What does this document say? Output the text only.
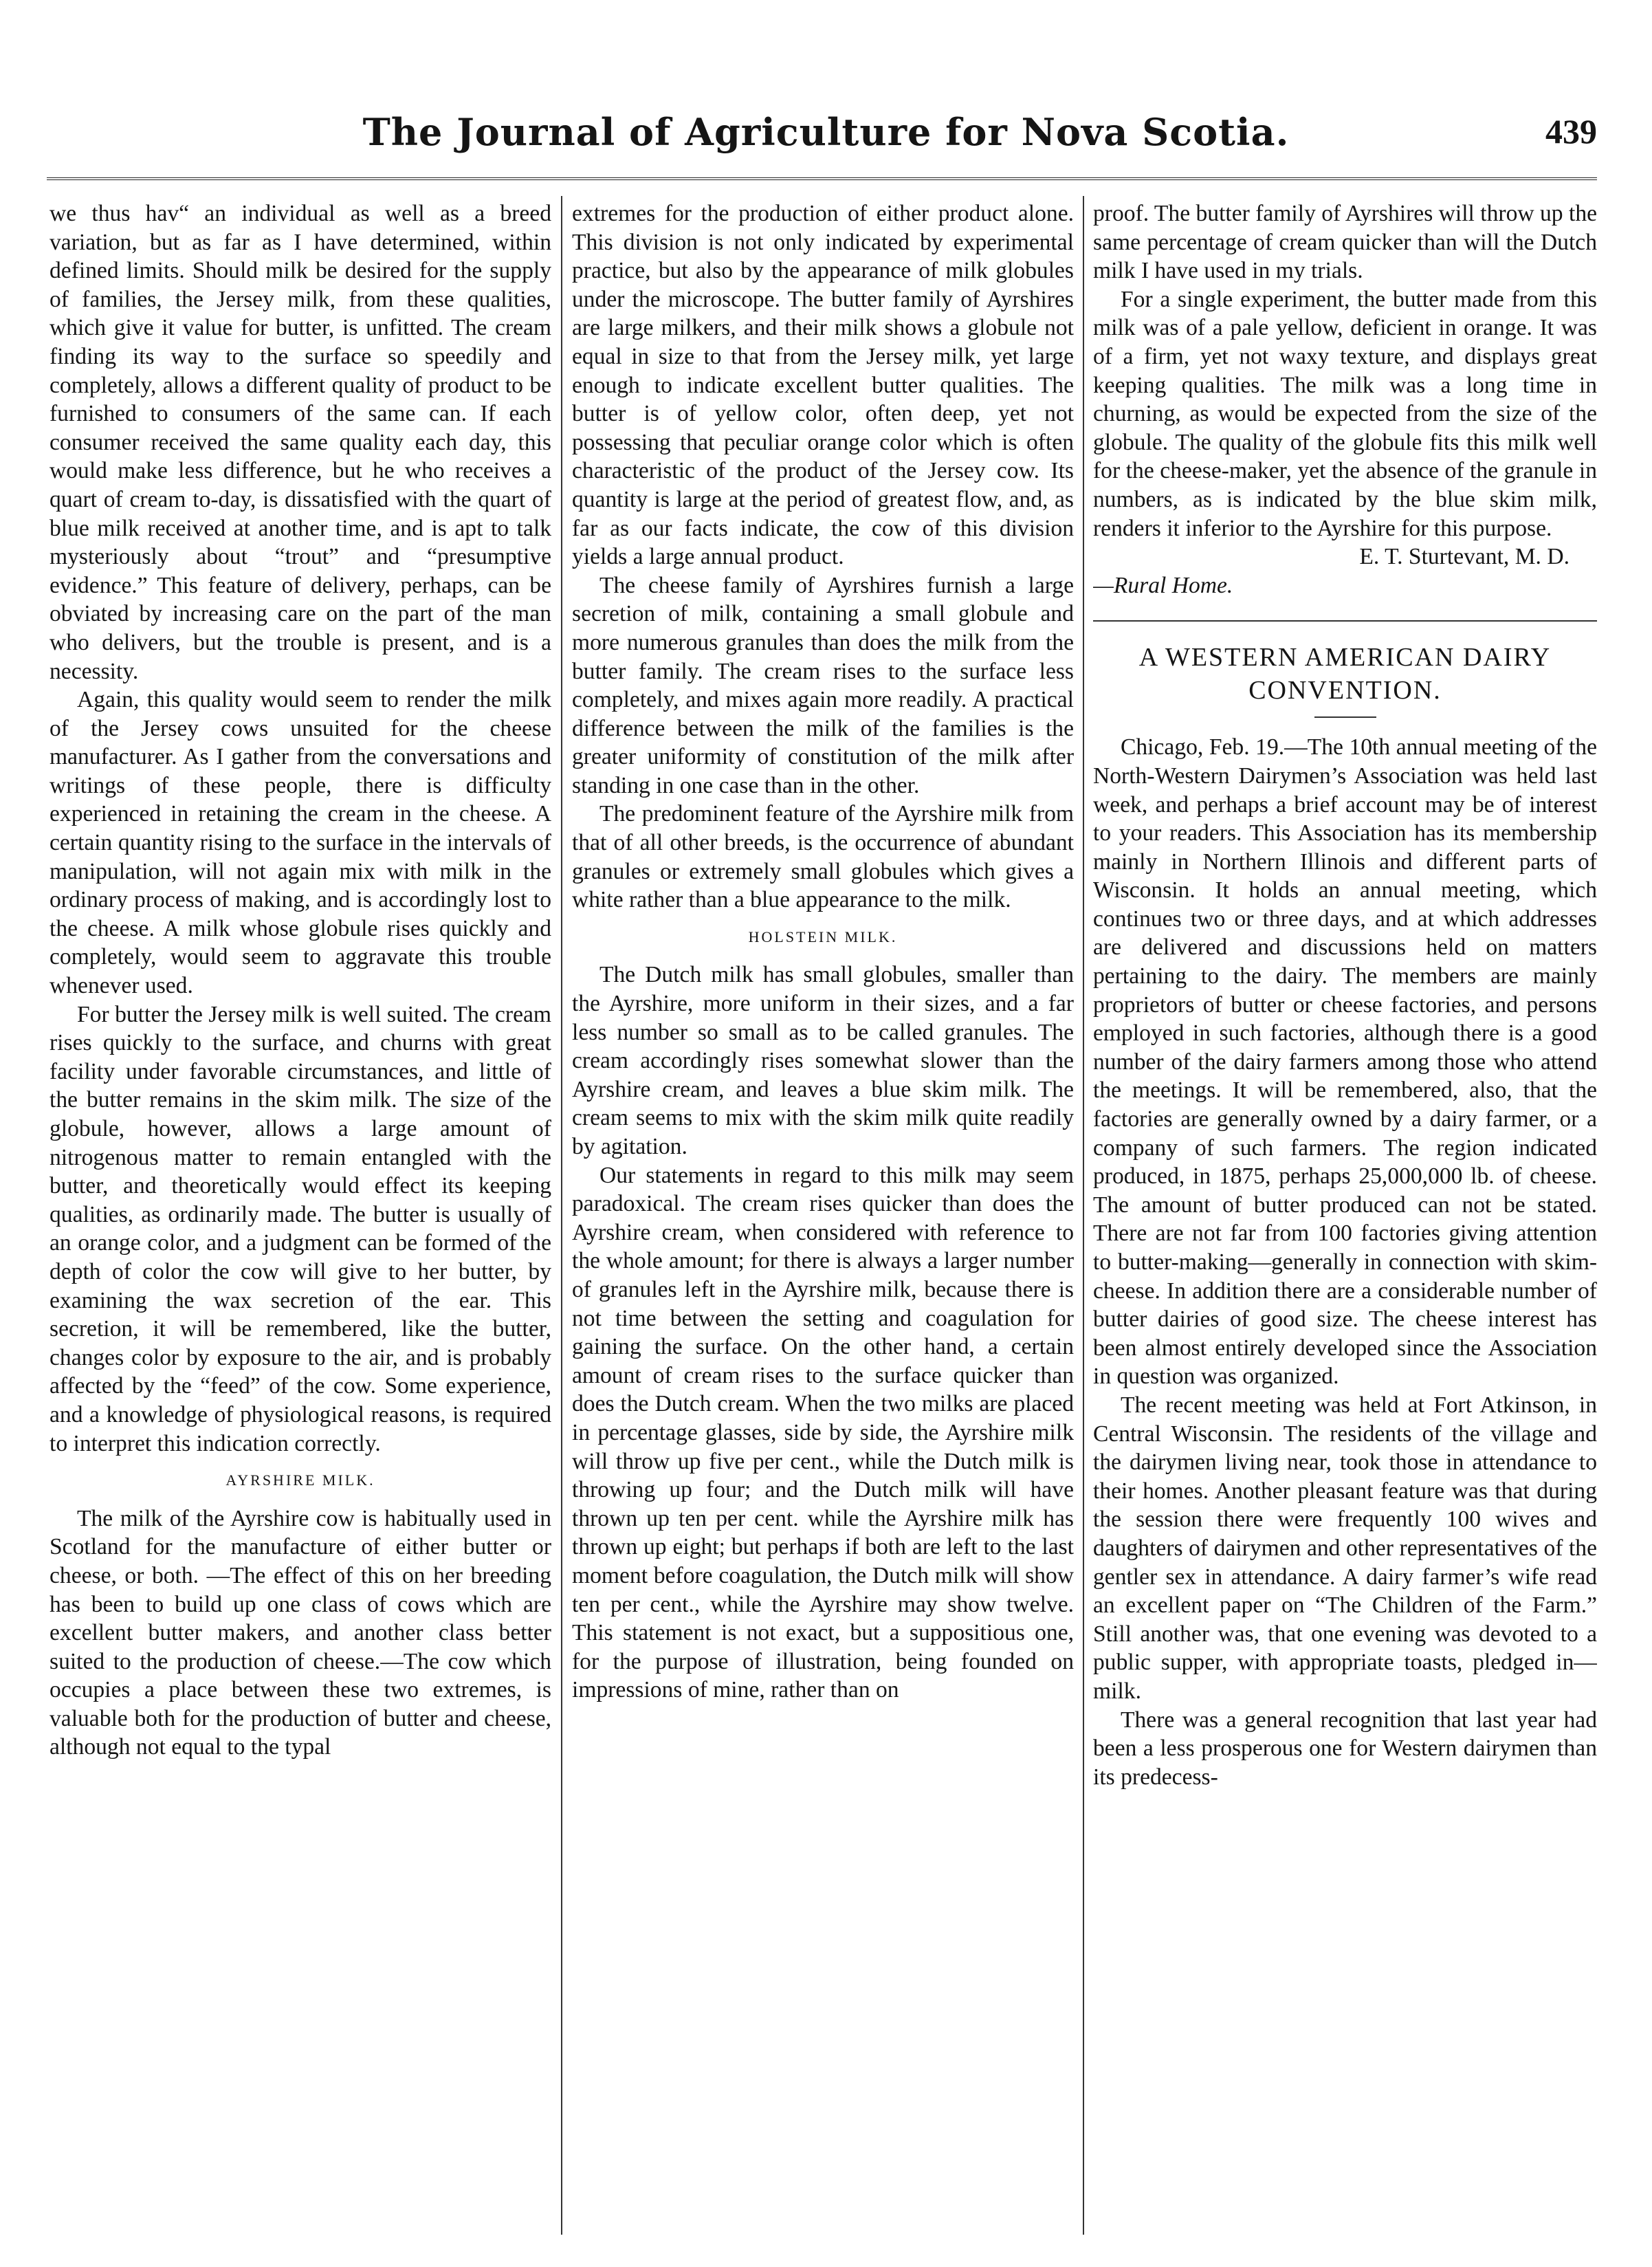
The Journal of Agriculture for Nova Scotia.	439

we thus hav“ an individual as well as a breed variation, but as far as I have determined, within defined limits. Should milk be desired for the supply of families, the Jersey milk, from these qualities, which give it value for butter, is unfitted. The cream finding its way to the surface so speedily and completely, allows a different quality of product to be furnished to consumers of the same can. If each consumer received the same quality each day, this would make less difference, but he who receives a quart of cream to-day, is dissatisfied with the quart of blue milk received at another time, and is apt to talk mysteriously about “trout” and “presumptive evidence.” This feature of delivery, perhaps, can be obviated by increasing care on the part of the man who delivers, but the trouble is present, and is a necessity.

Again, this quality would seem to render the milk of the Jersey cows unsuited for the cheese manufacturer. As I gather from the conversations and writings of these people, there is difficulty experienced in retaining the cream in the cheese. A certain quantity rising to the surface in the intervals of manipulation, will not again mix with milk in the ordinary process of making, and is accordingly lost to the cheese. A milk whose globule rises quickly and completely, would seem to aggravate this trouble whenever used.

For butter the Jersey milk is well suited. The cream rises quickly to the surface, and churns with great facility under favorable circumstances, and little of the butter remains in the skim milk. The size of the globule, however, allows a large amount of nitrogenous matter to remain entangled with the butter, and theoretically would effect its keeping qualities, as ordinarily made. The butter is usually of an orange color, and a judgment can be formed of the depth of color the cow will give to her butter, by examining the wax secretion of the ear. This secretion, it will be remembered, like the butter, changes color by exposure to the air, and is probably affected by the “feed” of the cow. Some experience, and a knowledge of physiological reasons, is required to interpret this indication correctly.

AYRSHIRE MILK.

The milk of the Ayrshire cow is habitually used in Scotland for the manufacture of either butter or cheese, or both. —The effect of this on her breeding has been to build up one class of cows which are excellent butter makers, and another class better suited to the production of cheese.—The cow which occupies a place between these two extremes, is valuable both for the production of butter and cheese, although not equal to the typal

extremes for the production of either product alone. This division is not only indicated by experimental practice, but also by the appearance of milk globules under the microscope. The butter family of Ayrshires are large milkers, and their milk shows a globule not equal in size to that from the Jersey milk, yet large enough to indicate excellent butter qualities. The butter is of yellow color, often deep, yet not possessing that peculiar orange color which is often characteristic of the product of the Jersey cow. Its quantity is large at the period of greatest flow, and, as far as our facts indicate, the cow of this division yields a large annual product.

The cheese family of Ayrshires furnish a large secretion of milk, containing a small globule and more numerous granules than does the milk from the butter family. The cream rises to the surface less completely, and mixes again more readily. A practical difference between the milk of the families is the greater uniformity of constitution of the milk after standing in one case than in the other.

The predominent feature of the Ayrshire milk from that of all other breeds, is the occurrence of abundant granules or extremely small globules which gives a white rather than a blue appearance to the milk.

HOLSTEIN MILK.

The Dutch milk has small globules, smaller than the Ayrshire, more uniform in their sizes, and a far less number so small as to be called granules. The cream accordingly rises somewhat slower than the Ayrshire cream, and leaves a blue skim milk. The cream seems to mix with the skim milk quite readily by agitation.

Our statements in regard to this milk may seem paradoxical. The cream rises quicker than does the Ayrshire cream, when considered with reference to the whole amount; for there is always a larger number of granules left in the Ayrshire milk, because there is not time between the setting and coagulation for gaining the surface. On the other hand, a certain amount of cream rises to the surface quicker than does the Dutch cream. When the two milks are placed in percentage glasses, side by side, the Ayrshire milk will throw up five per cent., while the Dutch milk is throwing up four; and the Dutch milk will have thrown up ten per cent. while the Ayrshire milk has thrown up eight; but perhaps if both are left to the last moment before coagulation, the Dutch milk will show ten per cent., while the Ayrshire may show twelve. This statement is not exact, but a suppositious one, for the purpose of illustration, being founded on impressions of mine, rather than on

proof. The butter family of Ayrshires will throw up the same percentage of cream quicker than will the Dutch milk I have used in my trials.

For a single experiment, the butter made from this milk was of a pale yellow, deficient in orange. It was of a firm, yet not waxy texture, and displays great keeping qualities. The milk was a long time in churning, as would be expected from the size of the globule. The quality of the globule fits this milk well for the cheese-maker, yet the absence of the granule in numbers, as is indicated by the blue skim milk, renders it inferior to the Ayrshire for this purpose.

E. T. Sturtevant, M. D.

—Rural Home.

A WESTERN AMERICAN DAIRY CONVENTION.

Chicago, Feb. 19.—The 10th annual meeting of the North-Western Dairymen’s Association was held last week, and perhaps a brief account may be of interest to your readers. This Association has its membership mainly in Northern Illinois and different parts of Wisconsin. It holds an annual meeting, which continues two or three days, and at which addresses are delivered and discussions held on matters pertaining to the dairy. The members are mainly proprietors of butter or cheese factories, and persons employed in such factories, although there is a good number of the dairy farmers among those who attend the meetings. It will be remembered, also, that the factories are generally owned by a dairy farmer, or a company of such farmers. The region indicated produced, in 1875, perhaps 25,000,000 lb. of cheese. The amount of butter produced can not be stated. There are not far from 100 factories giving attention to butter-making—generally in connection with skim-cheese. In addition there are a considerable number of butter dairies of good size. The cheese interest has been almost entirely developed since the Association in question was organized.

The recent meeting was held at Fort Atkinson, in Central Wisconsin. The residents of the village and the dairymen living near, took those in attendance to their homes. Another pleasant feature was that during the session there were frequently 100 wives and daughters of dairymen and other representatives of the gentler sex in attendance. A dairy farmer’s wife read an excellent paper on “The Children of the Farm.” Still another was, that one evening was devoted to a public supper, with appropriate toasts, pledged in—milk.

There was a general recognition that last year had been a less prosperous one for Western dairymen than its predecess-
